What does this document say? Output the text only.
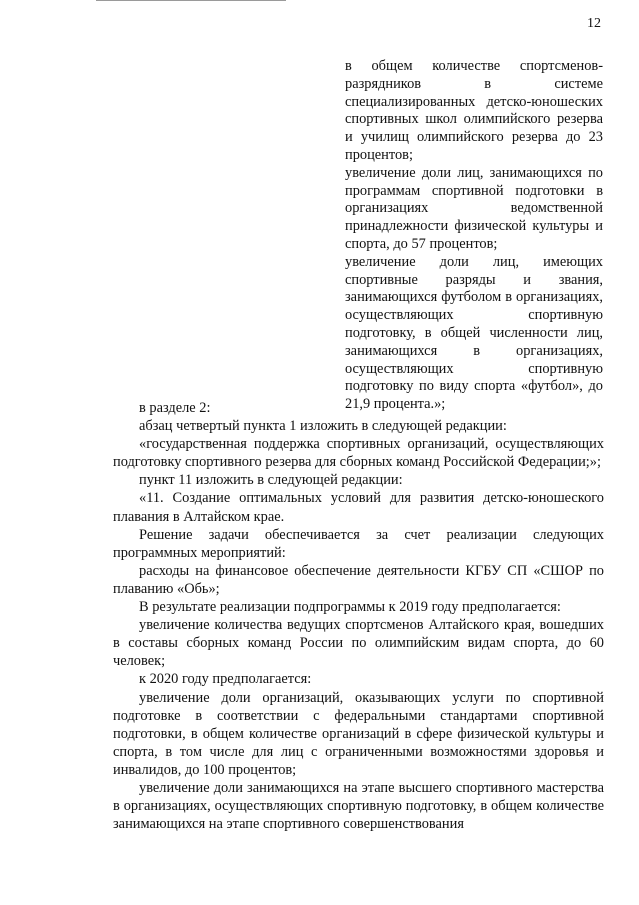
12

в общем количестве спортсменов-разрядников в системе специализированных детско-юношеских спортивных школ олимпийского резерва и училищ олимпийского резерва до 23 процентов;

увеличение доли лиц, занимающихся по программам спортивной подготовки в организациях ведомственной принадлежности физической культуры и спорта, до 57 процентов;

увеличение доли лиц, имеющих спортивные разряды и звания, занимающихся футболом в организациях, осуществляющих спортивную подготовку, в общей численности лиц, занимающихся в организациях, осуществляющих спортивную подготовку по виду спорта «футбол», до 21,9 процента.»;

в разделе 2:

абзац четвертый пункта 1 изложить в следующей редакции:

«государственная поддержка спортивных организаций, осуществляющих подготовку спортивного резерва для сборных команд Российской Федерации;»;

пункт 11 изложить в следующей редакции:

«11. Создание оптимальных условий для развития детско-юношеского плавания в Алтайском крае.

Решение задачи обеспечивается за счет реализации следующих программных мероприятий:

расходы на финансовое обеспечение деятельности КГБУ СП «СШОР по плаванию «Обь»;

В результате реализации подпрограммы к 2019 году предполагается:

увеличение количества ведущих спортсменов Алтайского края, вошедших в составы сборных команд России по олимпийским видам спорта, до 60 человек;

к 2020 году предполагается:

увеличение доли организаций, оказывающих услуги по спортивной подготовке в соответствии с федеральными стандартами спортивной подготовки, в общем количестве организаций в сфере физической культуры и спорта, в том числе для лиц с ограниченными возможностями здоровья и инвалидов, до 100 процентов;

увеличение доли занимающихся на этапе высшего спортивного мастерства в организациях, осуществляющих спортивную подготовку, в общем количестве занимающихся на этапе спортивного совершенствования
